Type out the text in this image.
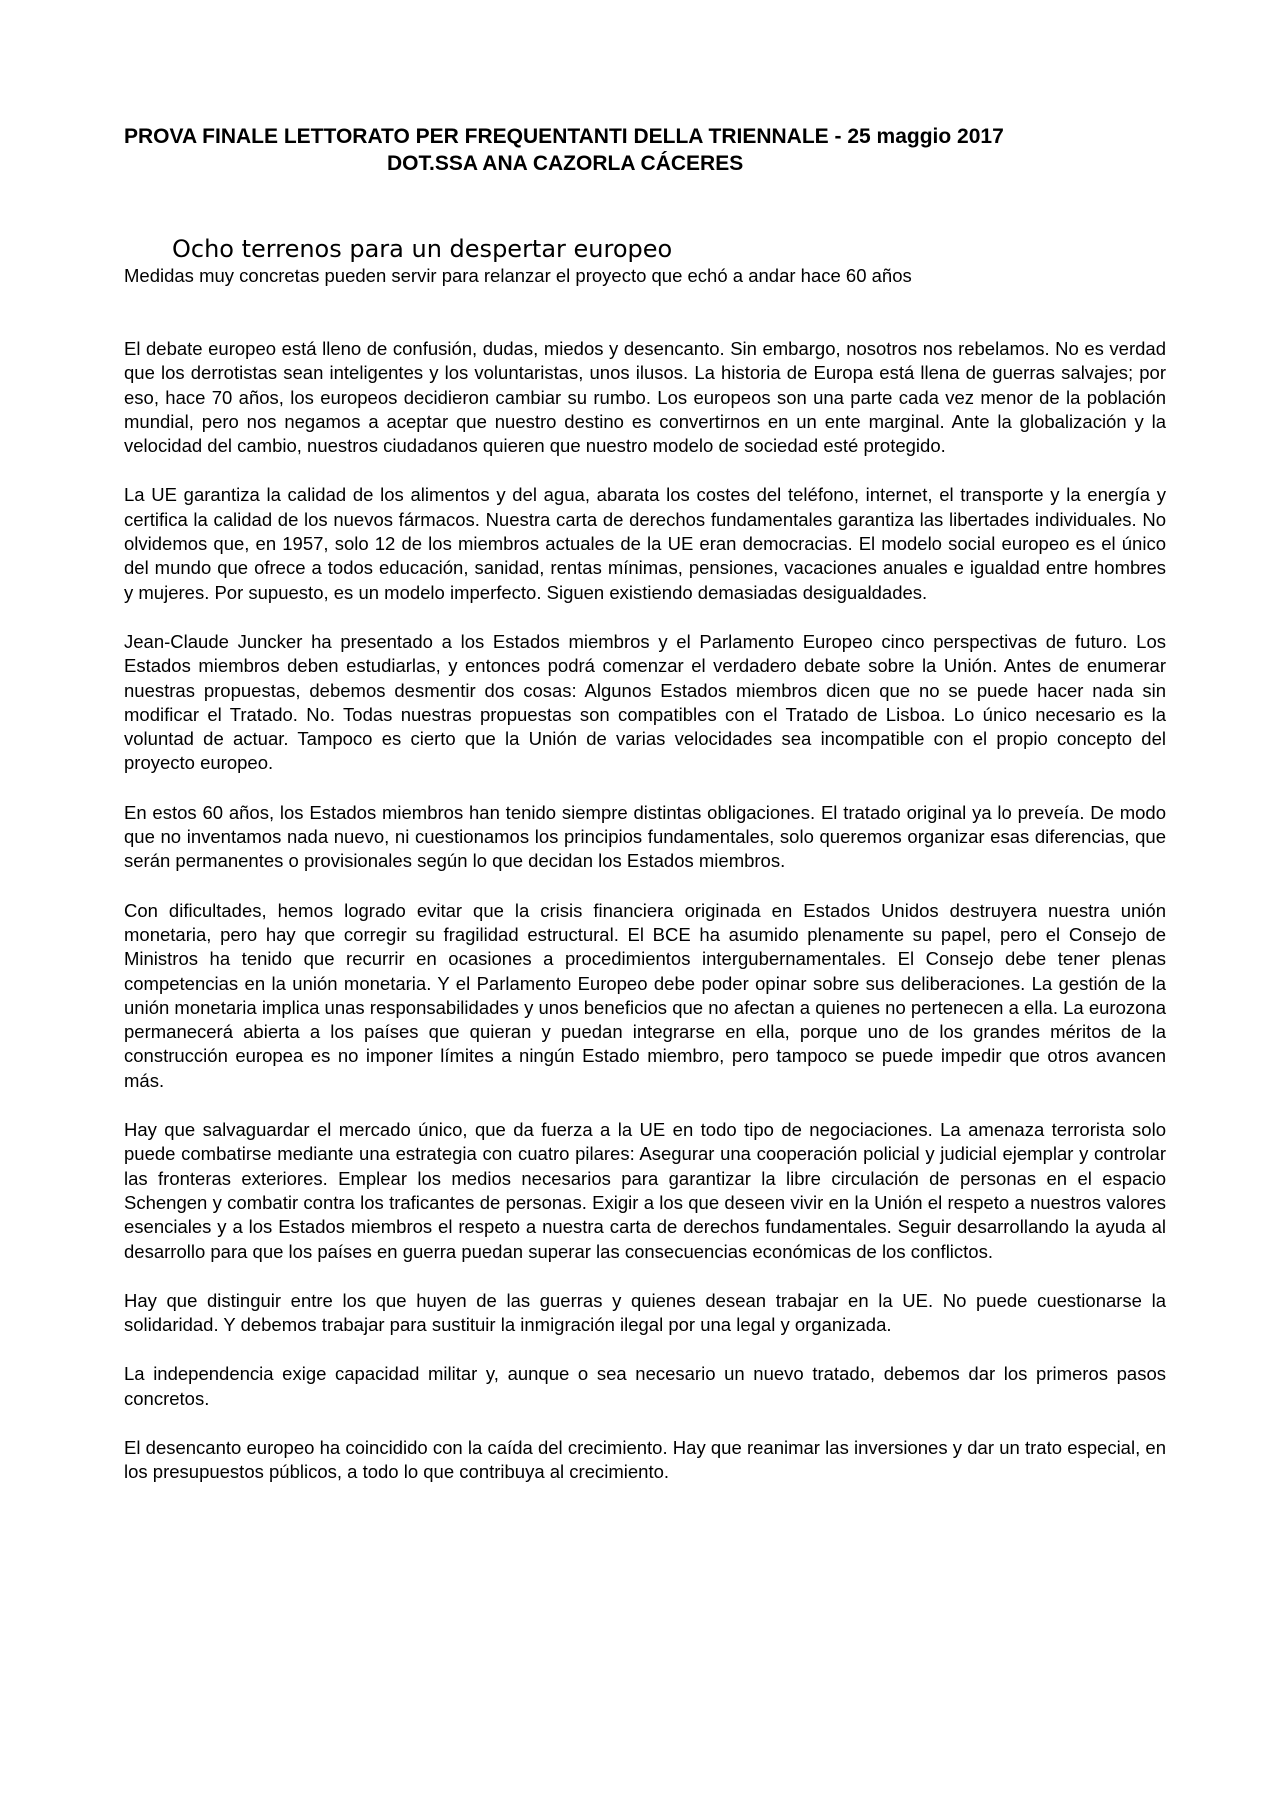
PROVA FINALE LETTORATO PER FREQUENTANTI DELLA TRIENNALE - 25 maggio 2017

DOT.SSA ANA CAZORLA CÁCERES

Ocho terrenos para un despertar europeo

Medidas muy concretas pueden servir para relanzar el proyecto que echó a andar hace 60 años

El debate europeo está lleno de confusión, dudas, miedos y desencanto. Sin embargo, nosotros nos rebelamos. No es verdad que los derrotistas sean inteligentes y los voluntaristas, unos ilusos. La historia de Europa está llena de guerras salvajes; por eso, hace 70 años, los europeos decidieron cambiar su rumbo. Los europeos son una parte cada vez menor de la población mundial, pero nos negamos a aceptar que nuestro destino es convertirnos en un ente marginal. Ante la globalización y la velocidad del cambio, nuestros ciudadanos quieren que nuestro modelo de sociedad esté protegido.

La UE garantiza la calidad de los alimentos y del agua, abarata los costes del teléfono, internet, el transporte y la energía y certifica la calidad de los nuevos fármacos. Nuestra carta de derechos fundamentales garantiza las libertades individuales. No olvidemos que, en 1957, solo 12 de los miembros actuales de la UE eran democracias. El modelo social europeo es el único del mundo que ofrece a todos educación, sanidad, rentas mínimas, pensiones, vacaciones anuales e igualdad entre hombres y mujeres. Por supuesto, es un modelo imperfecto. Siguen existiendo demasiadas desigualdades.

Jean-Claude Juncker ha presentado a los Estados miembros y el Parlamento Europeo cinco perspectivas de futuro. Los Estados miembros deben estudiarlas, y entonces podrá comenzar el verdadero debate sobre la Unión. Antes de enumerar nuestras propuestas, debemos desmentir dos cosas: Algunos Estados miembros dicen que no se puede hacer nada sin modificar el Tratado. No. Todas nuestras propuestas son compatibles con el Tratado de Lisboa. Lo único necesario es la voluntad de actuar. Tampoco es cierto que la Unión de varias velocidades sea incompatible con el propio concepto del proyecto europeo.

En estos 60 años, los Estados miembros han tenido siempre distintas obligaciones. El tratado original ya lo preveía. De modo que no inventamos nada nuevo, ni cuestionamos los principios fundamentales, solo queremos organizar esas diferencias, que serán permanentes o provisionales según lo que decidan los Estados miembros.

Con dificultades, hemos logrado evitar que la crisis financiera originada en Estados Unidos destruyera nuestra unión monetaria, pero hay que corregir su fragilidad estructural. El BCE ha asumido plenamente su papel, pero el Consejo de Ministros ha tenido que recurrir en ocasiones a procedimientos intergubernamentales. El Consejo debe tener plenas competencias en la unión monetaria. Y el Parlamento Europeo debe poder opinar sobre sus deliberaciones. La gestión de la unión monetaria implica unas responsabilidades y unos beneficios que no afectan a quienes no pertenecen a ella. La eurozona permanecerá abierta a los países que quieran y puedan integrarse en ella, porque uno de los grandes méritos de la construcción europea es no imponer límites a ningún Estado miembro, pero tampoco se puede impedir que otros avancen más.

Hay que salvaguardar el mercado único, que da fuerza a la UE en todo tipo de negociaciones. La amenaza terrorista solo puede combatirse mediante una estrategia con cuatro pilares: Asegurar una cooperación policial y judicial ejemplar y controlar las fronteras exteriores. Emplear los medios necesarios para garantizar la libre circulación de personas en el espacio Schengen y combatir contra los traficantes de personas. Exigir a los que deseen vivir en la Unión el respeto a nuestros valores esenciales y a los Estados miembros el respeto a nuestra carta de derechos fundamentales. Seguir desarrollando la ayuda al desarrollo para que los países en guerra puedan superar las consecuencias económicas de los conflictos.

Hay que distinguir entre los que huyen de las guerras y quienes desean trabajar en la UE. No puede cuestionarse la solidaridad. Y debemos trabajar para sustituir la inmigración ilegal por una legal y organizada.

La independencia exige capacidad militar y, aunque o sea necesario un nuevo tratado, debemos dar los primeros pasos concretos.

El desencanto europeo ha coincidido con la caída del crecimiento. Hay que reanimar las inversiones y dar un trato especial, en los presupuestos públicos, a todo lo que contribuya al crecimiento.
